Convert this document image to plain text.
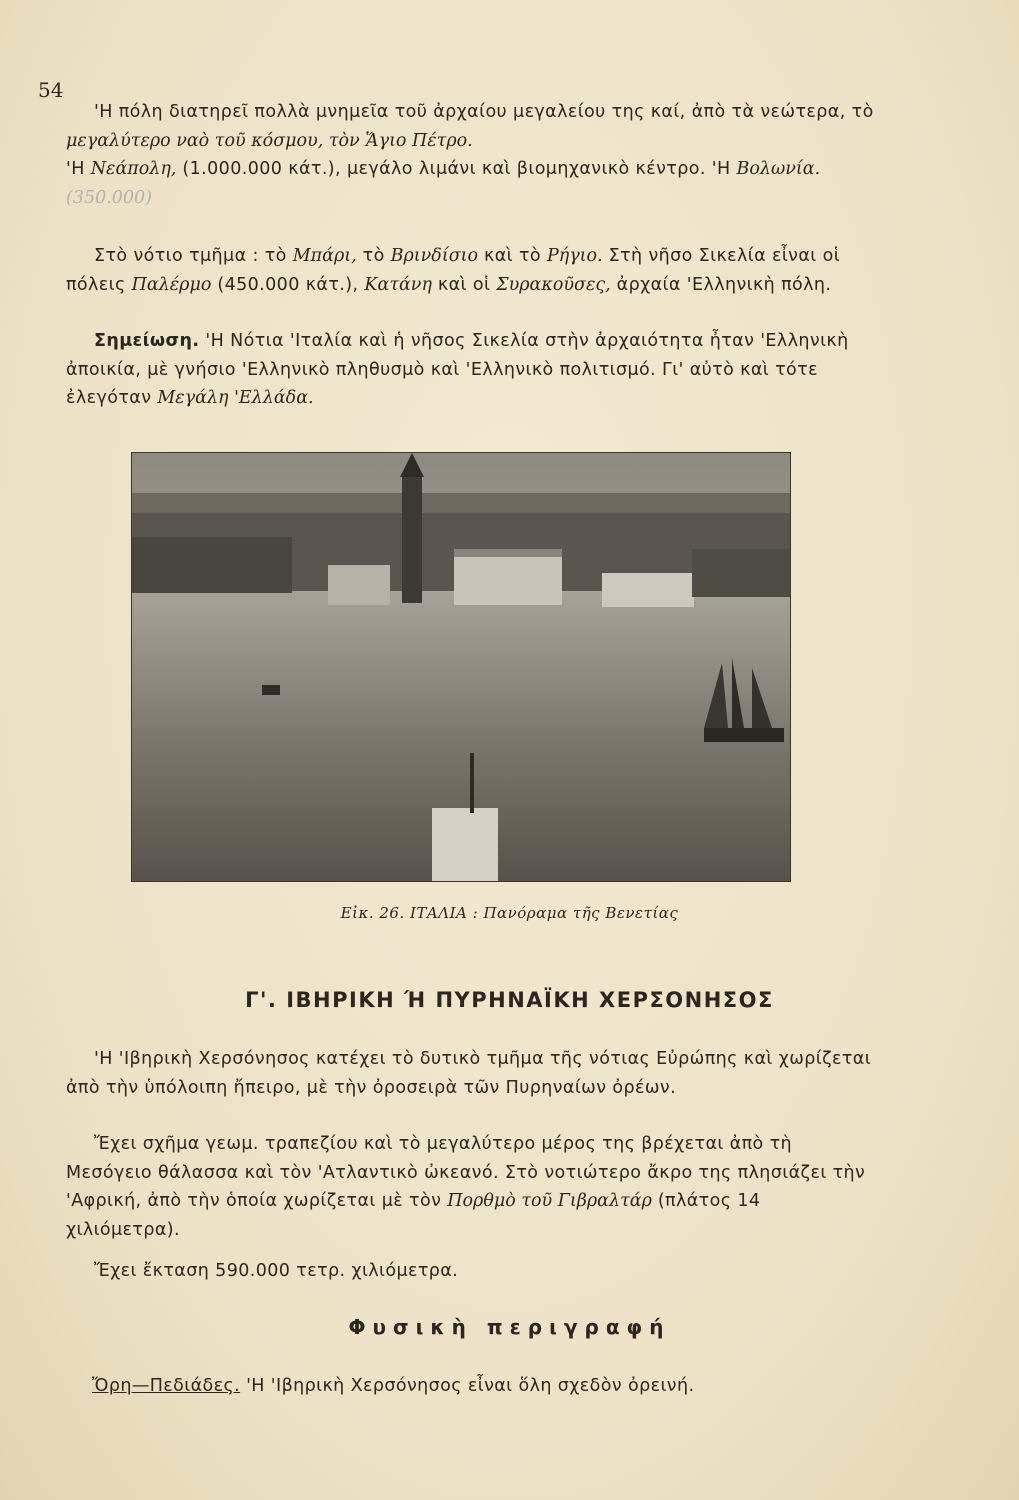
54

'Η πόλη διατηρεῖ πολλὰ μνημεῖα τοῦ ἀρχαίου μεγαλείου της καί, ἀπὸ τὰ νεώτερα, τὸ μεγαλύτερο ναὸ τοῦ κόσμου, τὸν Ἅγιο Πέτρο.
'Η Νεάπολη, (1.000.000 κάτ.), μεγάλο λιμάνι καὶ βιομηχανικὸ κέντρο. 'Η Βολωνία. (350.000)

Στὸ νότιο τμῆμα : τὸ Μπάρι, τὸ Βρινδίσιο καὶ τὸ Ρήγιο. Στὴ νῆσο Σικελία εἶναι οἱ πόλεις Παλέρμο (450.000 κάτ.), Κατάνη καὶ οἱ Συρακοῦσες, ἀρχαία 'Ελληνικὴ πόλη.

Σημείωση. 'Η Νότια 'Ιταλία καὶ ἡ νῆσος Σικελία στὴν ἀρχαιότητα ἦταν 'Ελληνικὴ ἀποικία, μὲ γνήσιο 'Ελληνικὸ πληθυσμὸ καὶ 'Ελληνικὸ πολιτισμό. Γι' αὐτὸ καὶ τότε ἐλεγόταν Μεγάλη 'Ελλάδα.

Εἰκ. 26. ΙΤΑΛΙΑ : Πανόραμα τῆς Βενετίας
Γ'. ΙΒΗΡΙΚΗ Ή ΠΥΡΗΝΑΪΚΗ ΧΕΡΣΟΝΗΣΟΣ

'Η 'Ιβηρικὴ Χερσόνησος κατέχει τὸ δυτικὸ τμῆμα τῆς νότιας Εὐρώπης καὶ χωρίζεται ἀπὸ τὴν ὑπόλοιπη ἤπειρο, μὲ τὴν ὀροσειρὰ τῶν Πυρηναίων ὀρέων.

Ἔχει σχῆμα γεωμ. τραπεζίου καὶ τὸ μεγαλύτερο μέρος της βρέχεται ἀπὸ τὴ Μεσόγειο θάλασσα καὶ τὸν 'Ατλαντικὸ ὠκεανό. Στὸ νοτιώτερο ἄκρο της πλησιάζει τὴν 'Αφρική, ἀπὸ τὴν ὁποία χωρίζεται μὲ τὸν Πορθμὸ τοῦ Γιβραλτάρ (πλάτος 14 χιλιόμετρα).

Ἔχει ἔκταση 590.000 τετρ. χιλιόμετρα.

Φυσικὴ περιγραφή

Ὄρη—Πεδιάδες. 'Η 'Ιβηρικὴ Χερσόνησος εἶναι ὅλη σχεδὸν ὀρεινή.
